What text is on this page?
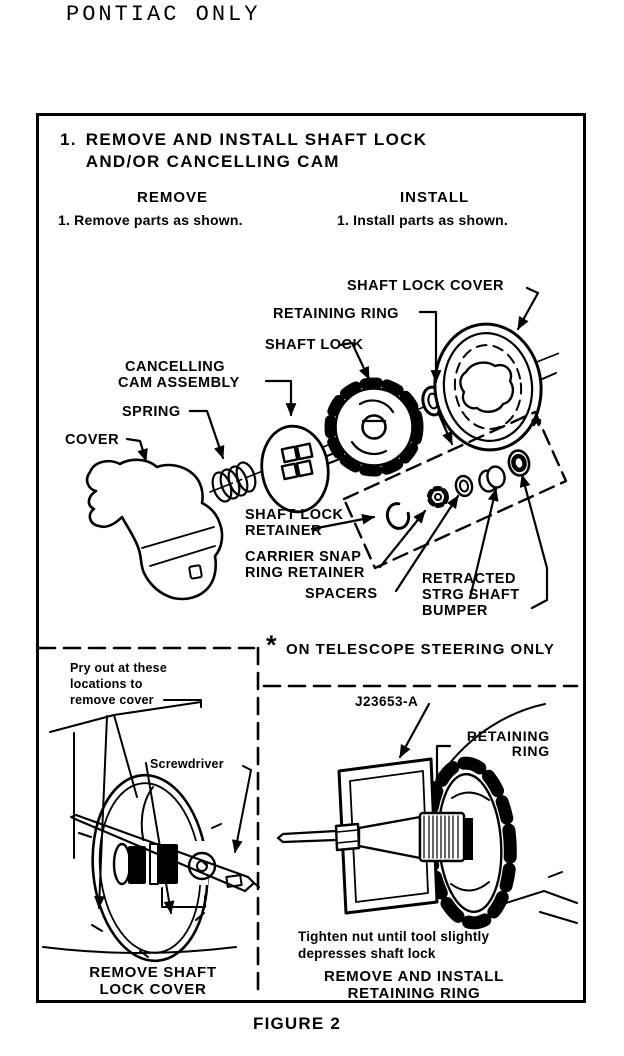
PONTIAC ONLY
1. REMOVE AND INSTALL SHAFT LOCK
AND/OR CANCELLING CAM
REMOVE
1. Remove parts as shown.
INSTALL
1. Install parts as shown.
SHAFT LOCK COVER
RETAINING RING
SHAFT LOCK
CANCELLING
CAM ASSEMBLY
SPRING
COVER
SHAFT LOCK
RETAINER
CARRIER SNAP
RING RETAINER
SPACERS
RETRACTED
STRG SHAFT
BUMPER
*
* ON TELESCOPE STEERING ONLY
Pry out at these
locations to
remove cover
Screwdriver
REMOVE SHAFT
LOCK COVER
J23653-A
RETAINING
RING
Tighten nut until tool slightly
depresses shaft lock
REMOVE AND INSTALL
RETAINING RING
FIGURE 2
